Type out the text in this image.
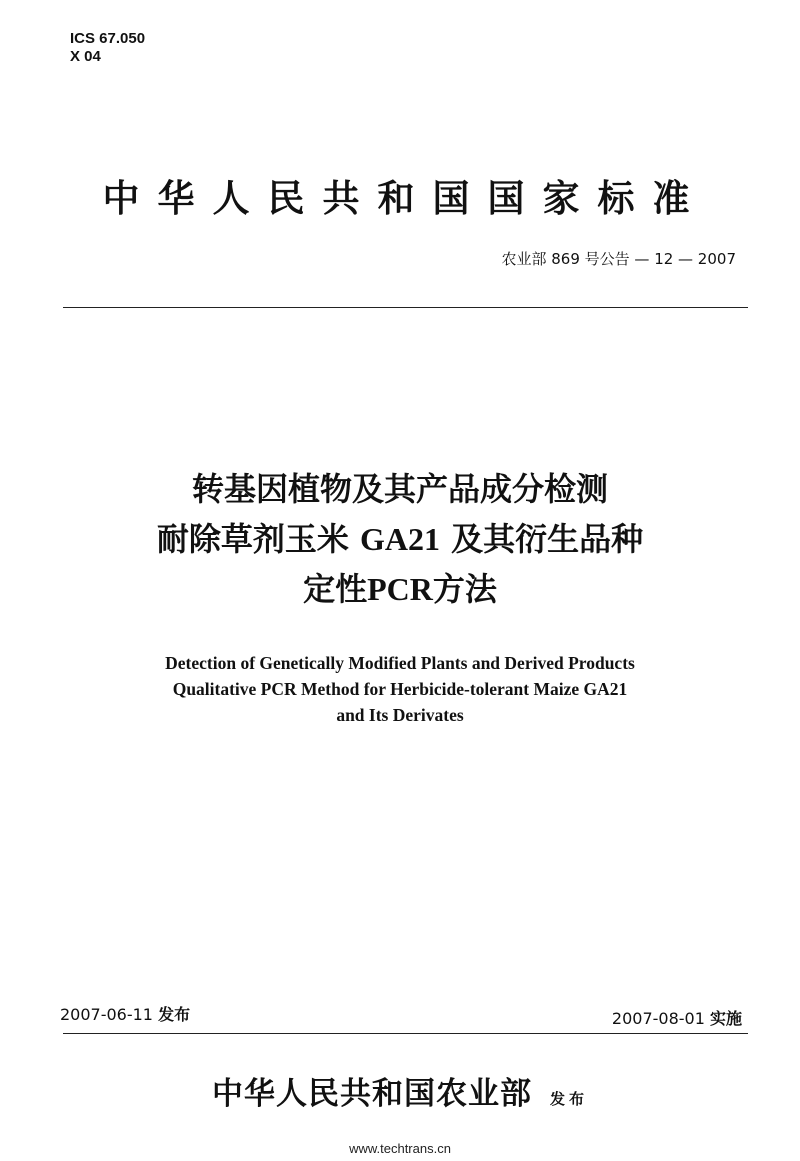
ICS 67.050
X 04
中华人民共和国国家标准
农业部 869 号公告 — 12 — 2007
转基因植物及其产品成分检测
耐除草剂玉米 GA21 及其衍生品种
定性PCR方法
Detection of Genetically Modified Plants and Derived Products
Qualitative PCR Method for Herbicide-tolerant Maize GA21
and Its Derivates
2007-06-11 发布	2007-08-01 实施
中华人民共和国农业部 发布
www.techtrans.cn
